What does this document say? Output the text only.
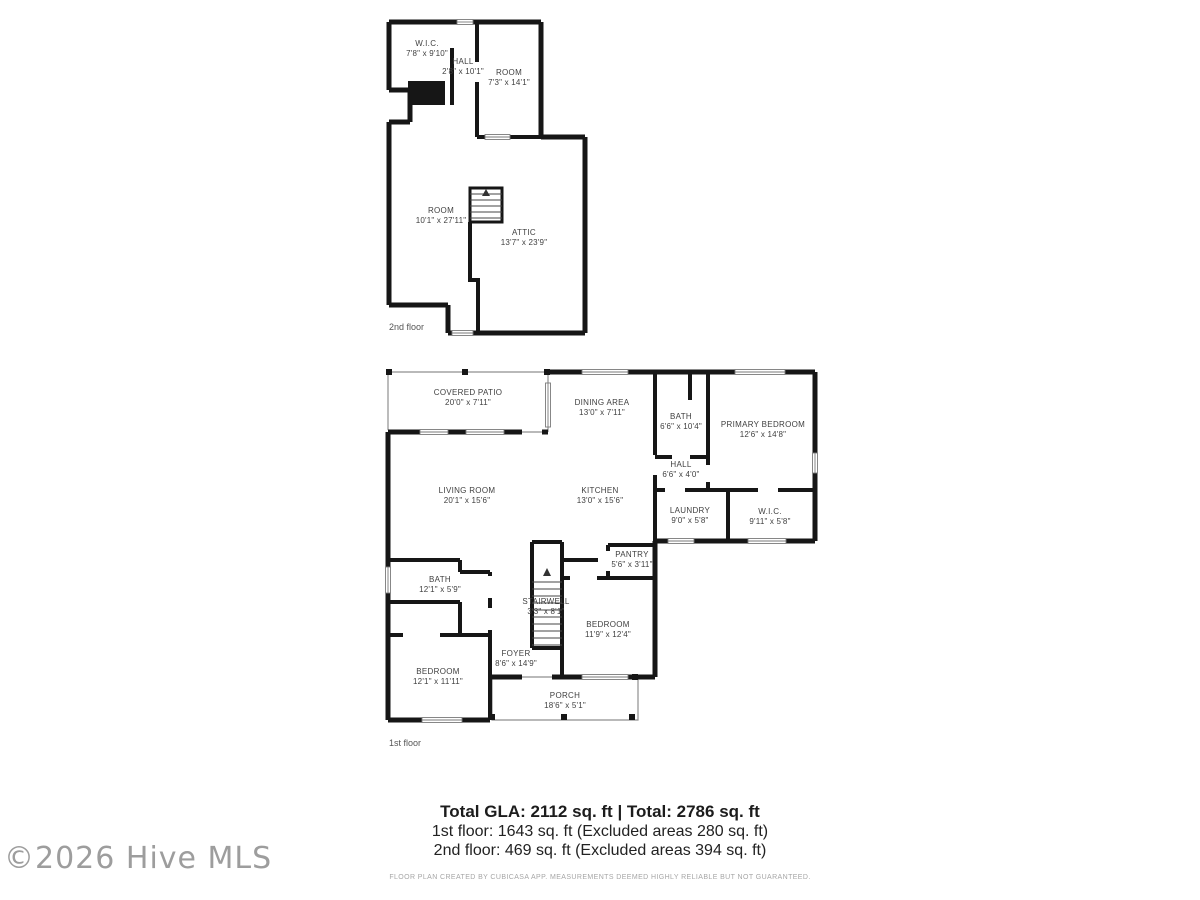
W.I.C.
7'8" x 9'10"
HALL
2'8" x 10'1"	ROOM
7'3" x 14'1"
ROOM
10'1" x 27'11"
ATTIC
13'7" x 23'9"
2nd floor
COVERED PATIO
20'0" x 7'11"	DINING AREA
13'0" x 7'11"	BATH
6'6" x 10'4" PRIMARY BEDROOM
12'6" x 14'8"
HALL
6'6" x 4'0"
LIVING ROOM
20'1" x 15'6"
KITCHEN
13'0" x 15'6"
LAUNDRY
9'0" x 5'8"
W.I.C.
9'11" x 5'8"
PANTRY
5'6" x 3'11"
STAIRWELL
3'3" x 8'1"
BATH
12'1" x 5'9"
BEDROOM
11'9" x 12'4"
FOYER
8'6" x 14'9"
BEDROOM
12'1" x 11'11"
PORCH
18'6" x 5'1"
1st floor
Total GLA: 2112 sq. ft | Total: 2786 sq. ft
1st floor: 1643 sq. ft (Excluded areas 280 sq. ft)
2nd floor: 469 sq. ft (Excluded areas 394 sq. ft)
FLOOR PLAN CREATED BY CUBICASA APP. MEASUREMENTS DEEMED HIGHLY RELIABLE BUT NOT GUARANTEED.
©2026 Hive MLS
